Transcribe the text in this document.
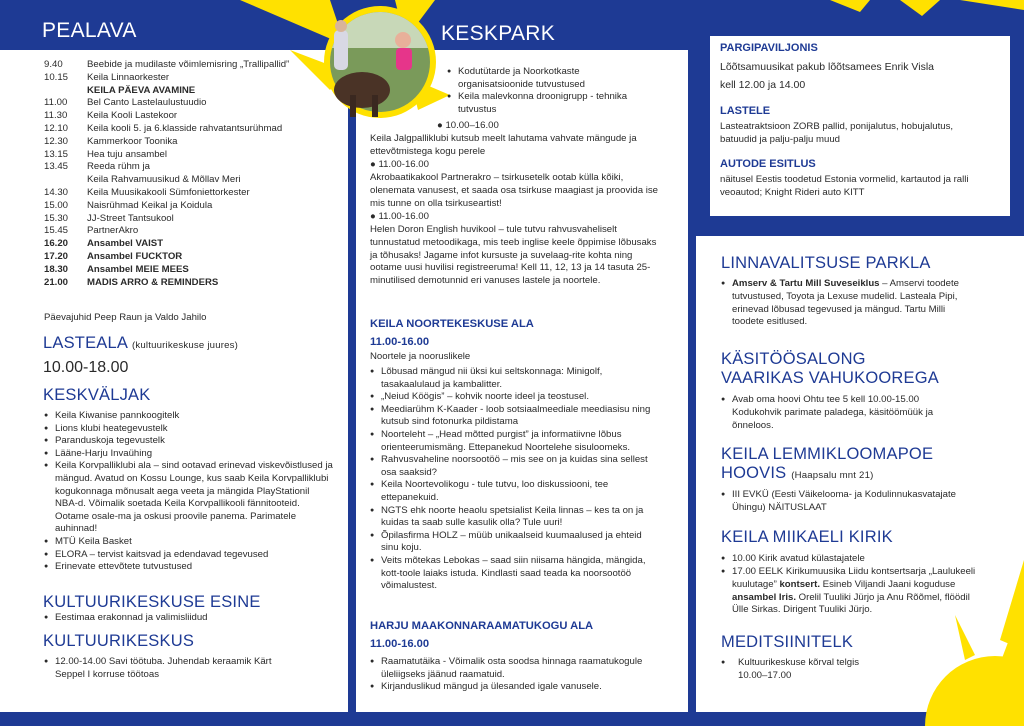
PEALAVA
9.40	Beebide ja mudilaste võimlemisring „Trallipallid”
10.15	Keila Linnaorkester
KEILA PÄEVA AVAMINE
11.00	Bel Canto Lastelaulustuudio
11.30	Keila Kooli Lastekoor
12.10	Keila kooli 5. ja 6.klasside rahvatantsurühmad
12.30	Kammerkoor Toonika
13.15	Hea tuju ansambel
13.45	Reeda rühm ja
Keila Rahvamuusikud & Mõllav Meri
14.30	Keila Muusikakooli Sümfoniettorkester
15.00	Naisrühmad Keikal ja Koidula
15.30	JJ-Street Tantsukool
15.45	PartnerAkro
16.20	Ansambel VAIST
17.20	Ansambel FUCKTOR
18.30	Ansambel MEIE MEES
21.00	MADIS ARRO & REMINDERS
Päevajuhid Peep Raun ja Valdo Jahilo
LASTEALA (kultuurikeskuse juures)
10.00-18.00
KESKVÄLJAK
● Keila Kiwanise pannkoogitelk
● Lions klubi heategevustelk
● Paranduskoja tegevustelk
● Lääne-Harju Invaühing
● Keila Korvpalliklubi ala – sind ootavad erinevad viskevõistlused ja mängud. Avatud on Kossu Lounge, kus saab Keila Korvpalliklubi kogukonnaga mõnusalt aega veeta ja mängida PlayStationil NBA-d. Võimalik soetada Keila Korvpallikooli fännitooteid. Ootame osale-ma ja oskusi proovile panema. Parimatele auhinnad!
● MTÜ Keila Basket
● ELORA – tervist kaitsvad ja edendavad tegevused
● Erinevate ettevõtete tutvustused
KULTUURIKESKUSE ESINE
● Eestimaa erakonnad ja valimisliidud
KULTUURIKESKUS
● 12.00-14.00 Savi töötuba. Juhendab keraamik Kärt Seppel I korruse töötoas
KESKPARK
● Kodutütarde ja Noorkotkaste organisatsioonide tutvustused
● Keila malevkonna droonigrupp - tehnika tutvustus
● 10.00–16.00
Keila Jalgpalliklubi kutsub meelt lahutama vahvate mängude ja ettevõtmistega kogu perele
● 11.00-16.00
Akrobaatikakool Partnerakro – tsirkusetelk ootab külla kõiki, olenemata vanusest, et saada osa tsirkuse maagiast ja proovida ise mis tunne on olla tsirkuseartist!
● 11.00-16.00
Helen Doron English huvikool – tule tutvu rahvusvaheliselt tunnustatud metoodikaga, mis teeb inglise keele õppimise lõbusaks ja tõhusaks! Jagame infot kursuste ja suvelaag-rite kohta ning ootame uusi huvilisi registreeruma! Kell 11, 12, 13 ja 14 tasuta 25-minutilised demotunnid eri vanuses lastele ja noortele.
KEILA NOORTEKESKUSE ALA
11.00-16.00
Noortele ja nooruslikele
● Lõbusad mängud nii üksi kui seltskonnaga: Minigolf, tasakaalulaud ja kambalitter.
● „Neiud Köögis” – kohvik noorte ideel ja teostusel.
● Meediarühm K-Kaader - loob sotsiaalmeediale meediasisu ning kutsub sind fotonurka pildistama
● Noorteleht – „Head mõtted purgist” ja informatiivne lõbus orienteerumismäng. Ettepanekud Noortelehe sisuloomeks.
● Rahvusvaheline noorsootöö – mis see on ja kuidas sina sellest osa saaksid?
● Keila Noortevolikogu - tule tutvu, loo diskussiooni, tee ettepanekuid.
● NGTS ehk noorte heaolu spetsialist Keila linnas – kes ta on ja kuidas ta saab sulle kasulik olla? Tule uuri!
● Õpilasfirma HOLZ – müüb unikaalseid kuumaalused ja ehteid sinu koju.
● Veits mõtekas Lebokas – saad siin niisama hängida, mängida, kott-toole laiaks istuda. Kindlasti saad teada ka noorsootöö võimalustest.
HARJU MAAKONNARAAMATUKOGU ALA
11.00-16.00
● Raamatutäika - Võimalik osta soodsa hinnaga raamatukogule üleliigseks jäänud raamatuid.
● Kirjanduslikud mängud ja ülesanded igale vanusele.
PARGIPAVILJONIS
Lõõtsamuusikat pakub lõõtsamees Enrik Visla
kell 12.00 ja 14.00
LASTELE
Lasteatraktsioon ZORB pallid, ponijalutus, hobujalutus, batuudid ja palju-palju muud
AUTODE ESITLUS
näitusel Eestis toodetud Estonia vormelid, kartautod ja ralli veoautod; Knight Rideri auto KITT
LINNAVALITSUSE PARKLA
● Amserv & Tartu Mill Suveseiklus – Amservi toodete tutvustused, Toyota ja Lexuse mudelid. Lasteala Pipi, erinevad lõbusad tegevused ja mängud. Tartu Milli toodete esitlused.
KÄSITÖÖSALONG
VAARIKAS VAHUKOOREGA
● Avab oma hoovi Ohtu tee 5 kell 10.00-15.00 Kodukohvik parimate paladega, käsitöömüük ja õnneloos.
KEILA LEMMIKLOOMAPOE
HOOVIS (Haapsalu mnt 21)
● III EVKÜ (Eesti Väikelooma- ja Kodulinnukasvatajate Ühingu) NÄITUSLAAT
KEILA MIIKAELI KIRIK
● 10.00 Kirik avatud külastajatele
● 17.00 EELK Kirikumuusika Liidu kontsertsarja „Laulukeeli kuulutage” kontsert. Esineb Viljandi Jaani koguduse ansambel Iris. Orelil Tuuliki Jürjo ja Anu Rõõmel, flöödil Ülle Sirkas. Dirigent Tuuliki Jürjo.
MEDITSIINITELK
● Kultuurikeskuse kõrval telgis
10.00–17.00
